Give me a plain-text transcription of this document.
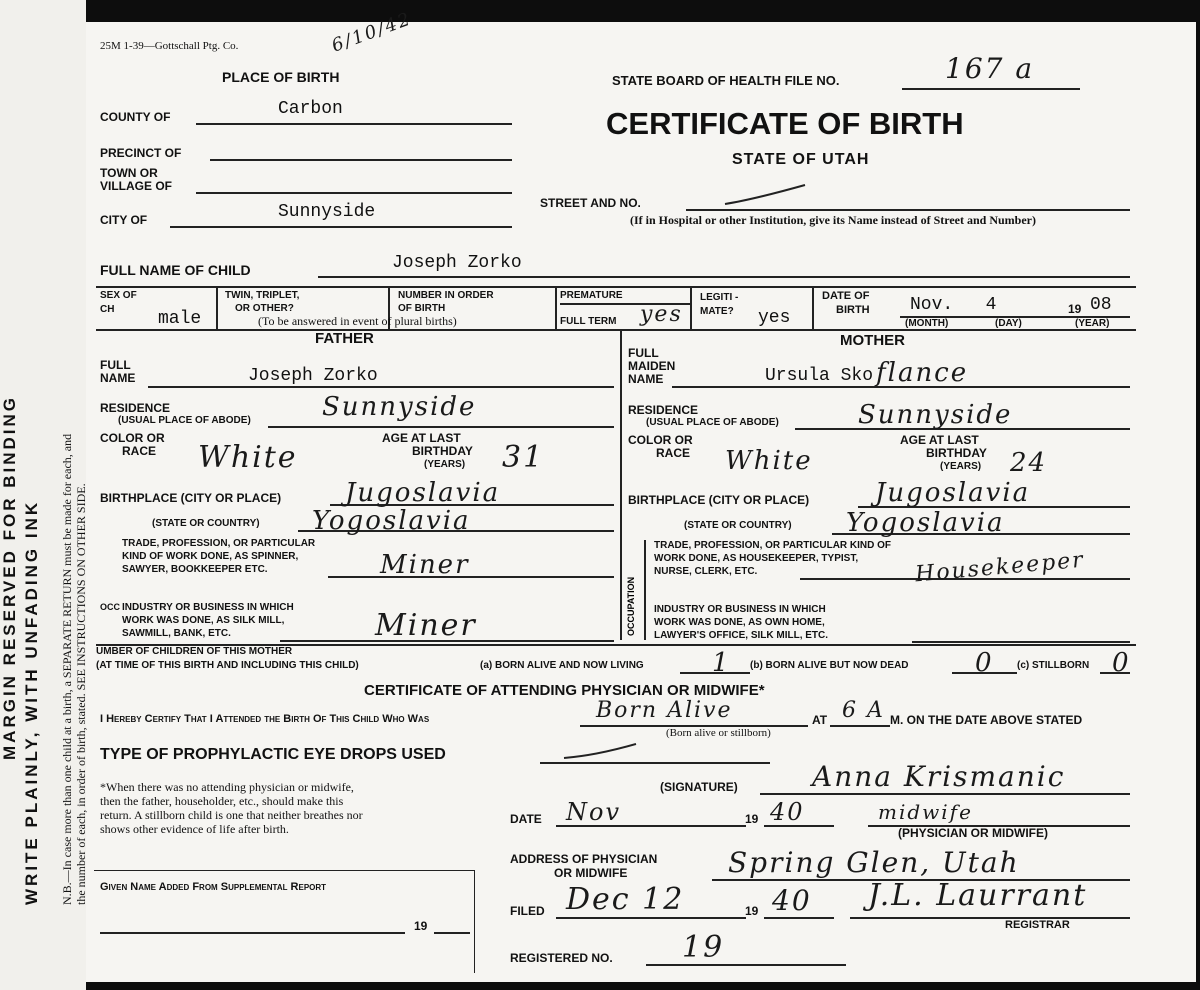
WRITE PLAINLY, WITH UNFADING INK
MARGIN RESERVED FOR BINDING	N.B.—In case more than one child at a birth, a SEPARATE RETURN must be made for each, and the number of each, in order of birth, stated. SEE INSTRUCTIONS ON OTHER SIDE.
25M 1-39—Gottschall Ptg. Co.	6/10/42
PLACE OF BIRTH	STATE BOARD OF HEALTH FILE NO.	167 a
CERTIFICATE OF BIRTH
STATE OF UTAH
COUNTY OF	Carbon
PRECINCT OF
TOWN OR
VILLAGE OF
CITY OF	Sunnyside	STREET AND NO.
(If in Hospital or other Institution, give its Name instead of Street and Number)
FULL NAME OF CHILD	Joseph Zorko
SEX OF
CH male
TWIN, TRIPLET,
OR OTHER?
NUMBER IN ORDER
OF BIRTH
(To be answered in event of plural births)
PREMATURE
FULL TERM yes
LEGITI -
MATE? yes
DATE OF
BIRTH Nov.   4	19 08
(MONTH)	(DAY)	(YEAR)
FATHER	MOTHER
FULL
NAME	Joseph Zorko
RESIDENCE
(USUAL PLACE OF ABODE)	Sunnyside
COLOR OR
RACE White
AGE AT LAST
BIRTHDAY
(YEARS) 31
BIRTHPLACE (CITY OR PLACE) Jugoslavia
(STATE OR COUNTRY) Yogoslavia
TRADE, PROFESSION, OR PARTICULAR
KIND OF WORK DONE, AS SPINNER,
SAWYER, BOOKKEEPER ETC.	Miner
OCC INDUSTRY OR BUSINESS IN WHICH
WORK WAS DONE, AS SILK MILL,
SAWMILL, BANK, ETC.	Miner
FULL
MAIDEN
NAME	Ursula Sko flance
RESIDENCE
(USUAL PLACE OF ABODE)	Sunnyside
COLOR OR
RACE White
AGE AT LAST
BIRTHDAY
(YEARS) 24
BIRTHPLACE (CITY OR PLACE)	Jugoslavia
(STATE OR COUNTRY) Yogoslavia
OCCUPATION
TRADE, PROFESSION, OR PARTICULAR KIND OF
WORK DONE, AS HOUSEKEEPER, TYPIST,
NURSE, CLERK, ETC.	Housekeeper
INDUSTRY OR BUSINESS IN WHICH
WORK WAS DONE, AS OWN HOME,
LAWYER'S OFFICE, SILK MILL, ETC.
UMBER OF CHILDREN OF THIS MOTHER
(AT TIME OF THIS BIRTH AND INCLUDING THIS CHILD)	(a) BORN ALIVE AND NOW LIVING	1 (b) BORN ALIVE BUT NOW DEAD	0 (c) STILLBORN 0
CERTIFICATE OF ATTENDING PHYSICIAN OR MIDWIFE*
I Hereby Certify That I Attended the Birth Of This Child Who Was	Born Alive
(Born alive or stillborn)
AT 6 A M. ON THE DATE ABOVE STATED
TYPE OF PROPHYLACTIC EYE DROPS USED
*When there was no attending physician or midwife,
then the father, householder, etc., should make this
return. A stillborn child is one that neither breathes nor
shows other evidence of life after birth.
(SIGNATURE)	Anna Krismanic
DATE Nov	19 40	midwife
(PHYSICIAN OR MIDWIFE)
ADDRESS OF PHYSICIAN
OR MIDWIFE	Spring Glen, Utah
Given Name Added From Supplemental Report
19
FILED Dec 12	19 40 J.L. Laurrant
REGISTRAR
REGISTERED NO. 19
